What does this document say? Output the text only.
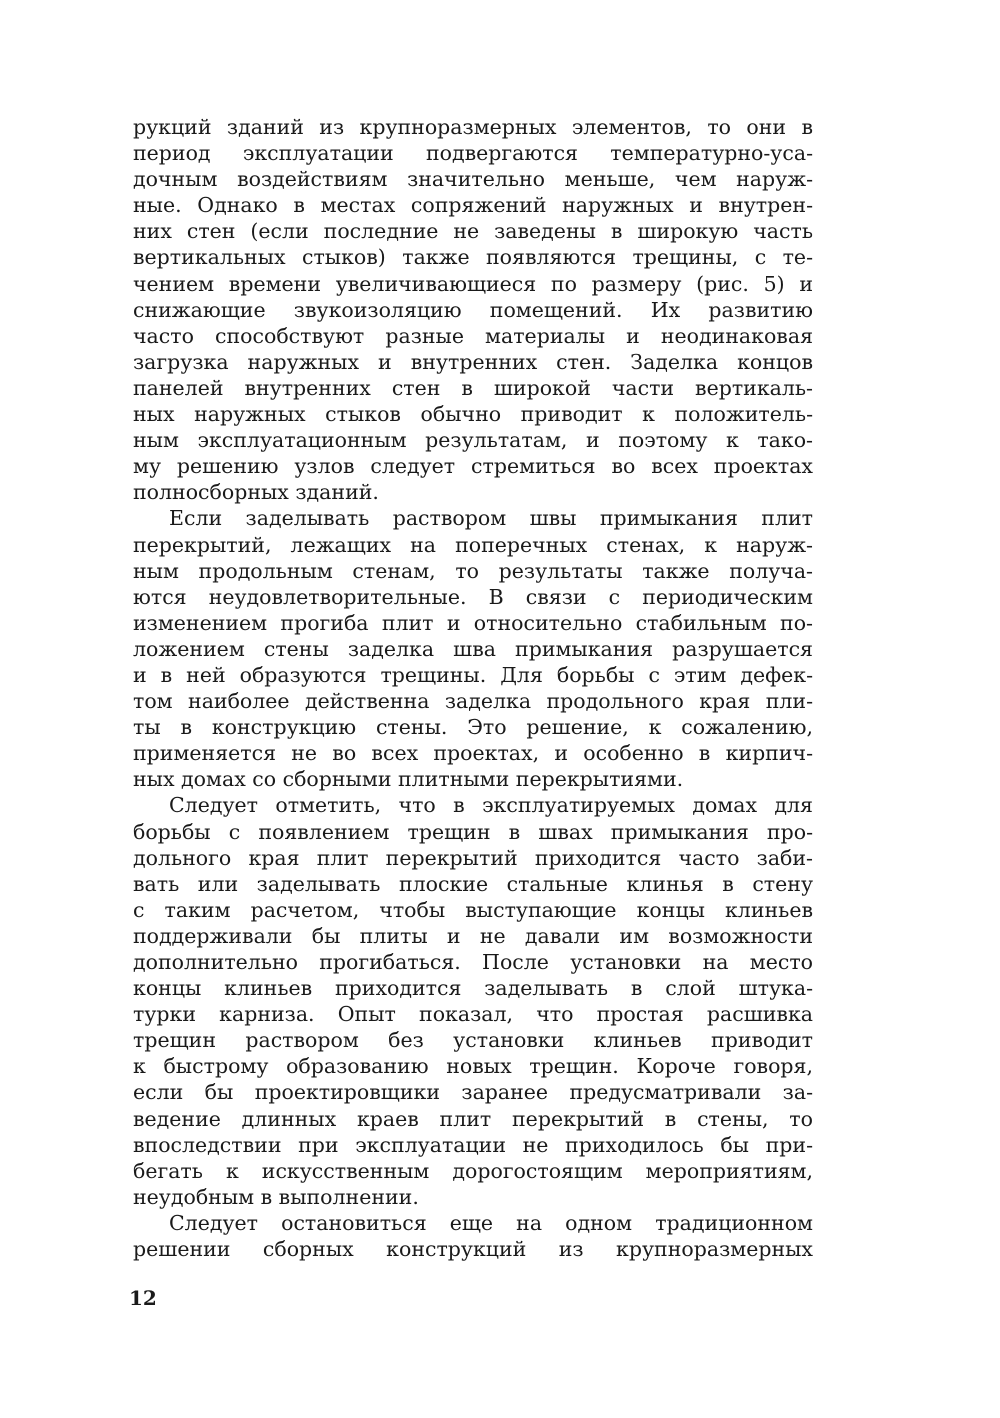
рукций зданий из крупноразмерных элементов, то они в
период эксплуатации подвергаются температурно-уса-
дочным воздействиям значительно меньше, чем наруж-
ные. Однако в местах сопряжений наружных и внутрен-
них стен (если последние не заведены в широкую часть
вертикальных стыков) также появляются трещины, с те-
чением времени увеличивающиеся по размеру (рис. 5) и
снижающие звукоизоляцию помещений. Их развитию
часто способствуют разные материалы и неодинаковая
загрузка наружных и внутренних стен. Заделка концов
панелей внутренних стен в широкой части вертикаль-
ных наружных стыков обычно приводит к положитель-
ным эксплуатационным результатам, и поэтому к тако-
му решению узлов следует стремиться во всех проектах
полносборных зданий.
Если заделывать раствором швы примыкания плит
перекрытий, лежащих на поперечных стенах, к наруж-
ным продольным стенам, то результаты также получа-
ются неудовлетворительные. В связи с периодическим
изменением прогиба плит и относительно стабильным по-
ложением стены заделка шва примыкания разрушается
и в ней образуются трещины. Для борьбы с этим дефек-
том наиболее действенна заделка продольного края пли-
ты в конструкцию стены. Это решение, к сожалению,
применяется не во всех проектах, и особенно в кирпич-
ных домах со сборными плитными перекрытиями.
Следует отметить, что в эксплуатируемых домах для
борьбы с появлением трещин в швах примыкания про-
дольного края плит перекрытий приходится часто заби-
вать или заделывать плоские стальные клинья в стену
с таким расчетом, чтобы выступающие концы клиньев
поддерживали бы плиты и не давали им возможности
дополнительно прогибаться. После установки на место
концы клиньев приходится заделывать в слой штука-
турки карниза. Опыт показал, что простая расшивка
трещин раствором без установки клиньев приводит
к быстрому образованию новых трещин. Короче говоря,
если бы проектировщики заранее предусматривали за-
ведение длинных краев плит перекрытий в стены, то
впоследствии при эксплуатации не приходилось бы при-
бегать к искусственным дорогостоящим мероприятиям,
неудобным в выполнении.
Следует остановиться еще на одном традиционном
решении сборных конструкций из крупноразмерных
12
